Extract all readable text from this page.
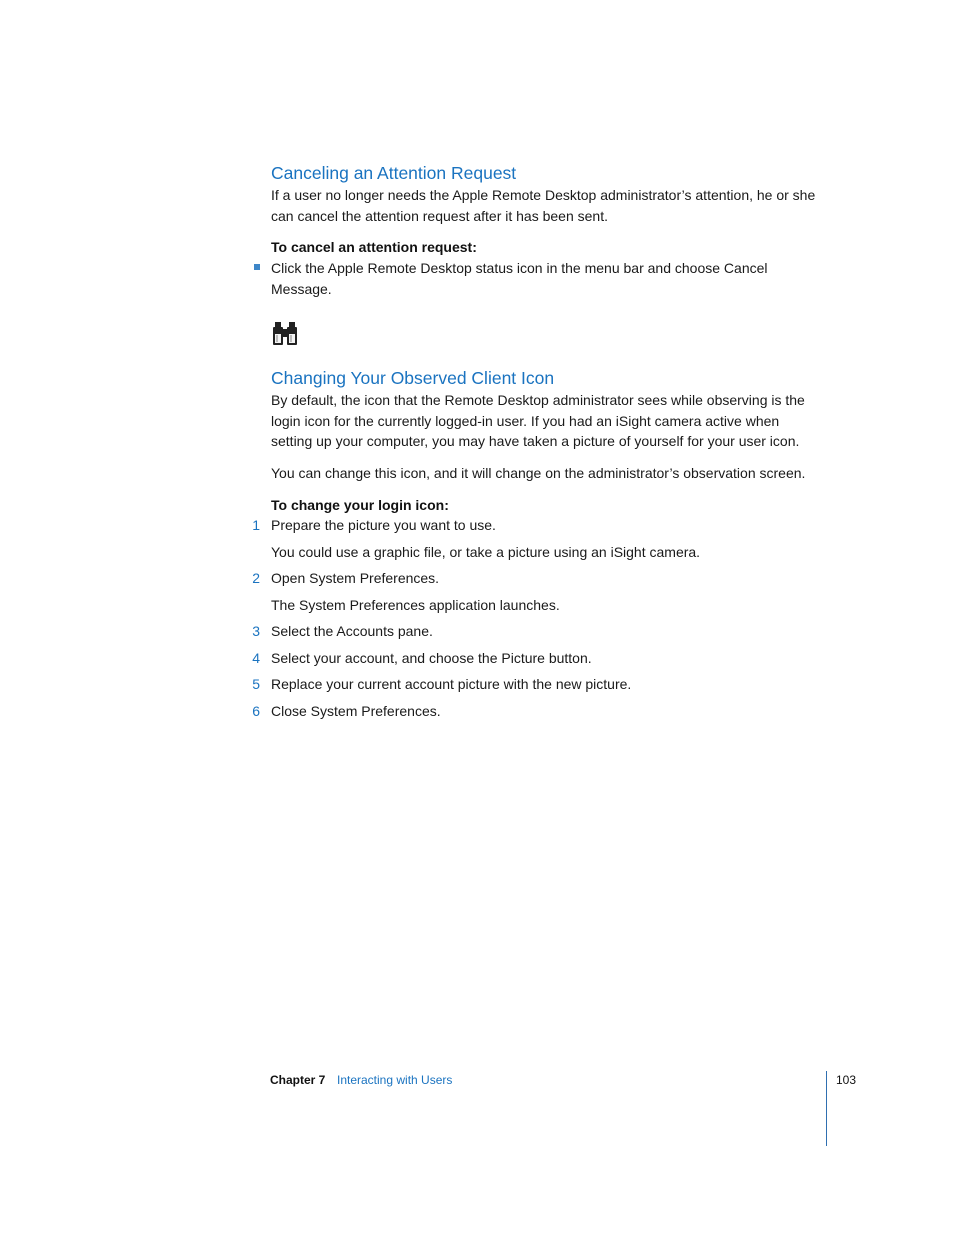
Canceling an Attention Request

If a user no longer needs the Apple Remote Desktop administrator’s attention, he or she can cancel the attention request after it has been sent.

To cancel an attention request:

Click the Apple Remote Desktop status icon in the menu bar and choose Cancel Message.

Changing Your Observed Client Icon

By default, the icon that the Remote Desktop administrator sees while observing is the login icon for the currently logged-in user. If you had an iSight camera active when setting up your computer, you may have taken a picture of yourself for your user icon.

You can change this icon, and it will change on the administrator’s observation screen.

To change your login icon:
1 Prepare the picture you want to use.
You could use a graphic file, or take a picture using an iSight camera.
2 Open System Preferences.
The System Preferences application launches.
3 Select the Accounts pane.
4 Select your account, and choose the Picture button.
5 Replace your current account picture with the new picture.
6 Close System Preferences.
Chapter 7 Interacting with Users	103
